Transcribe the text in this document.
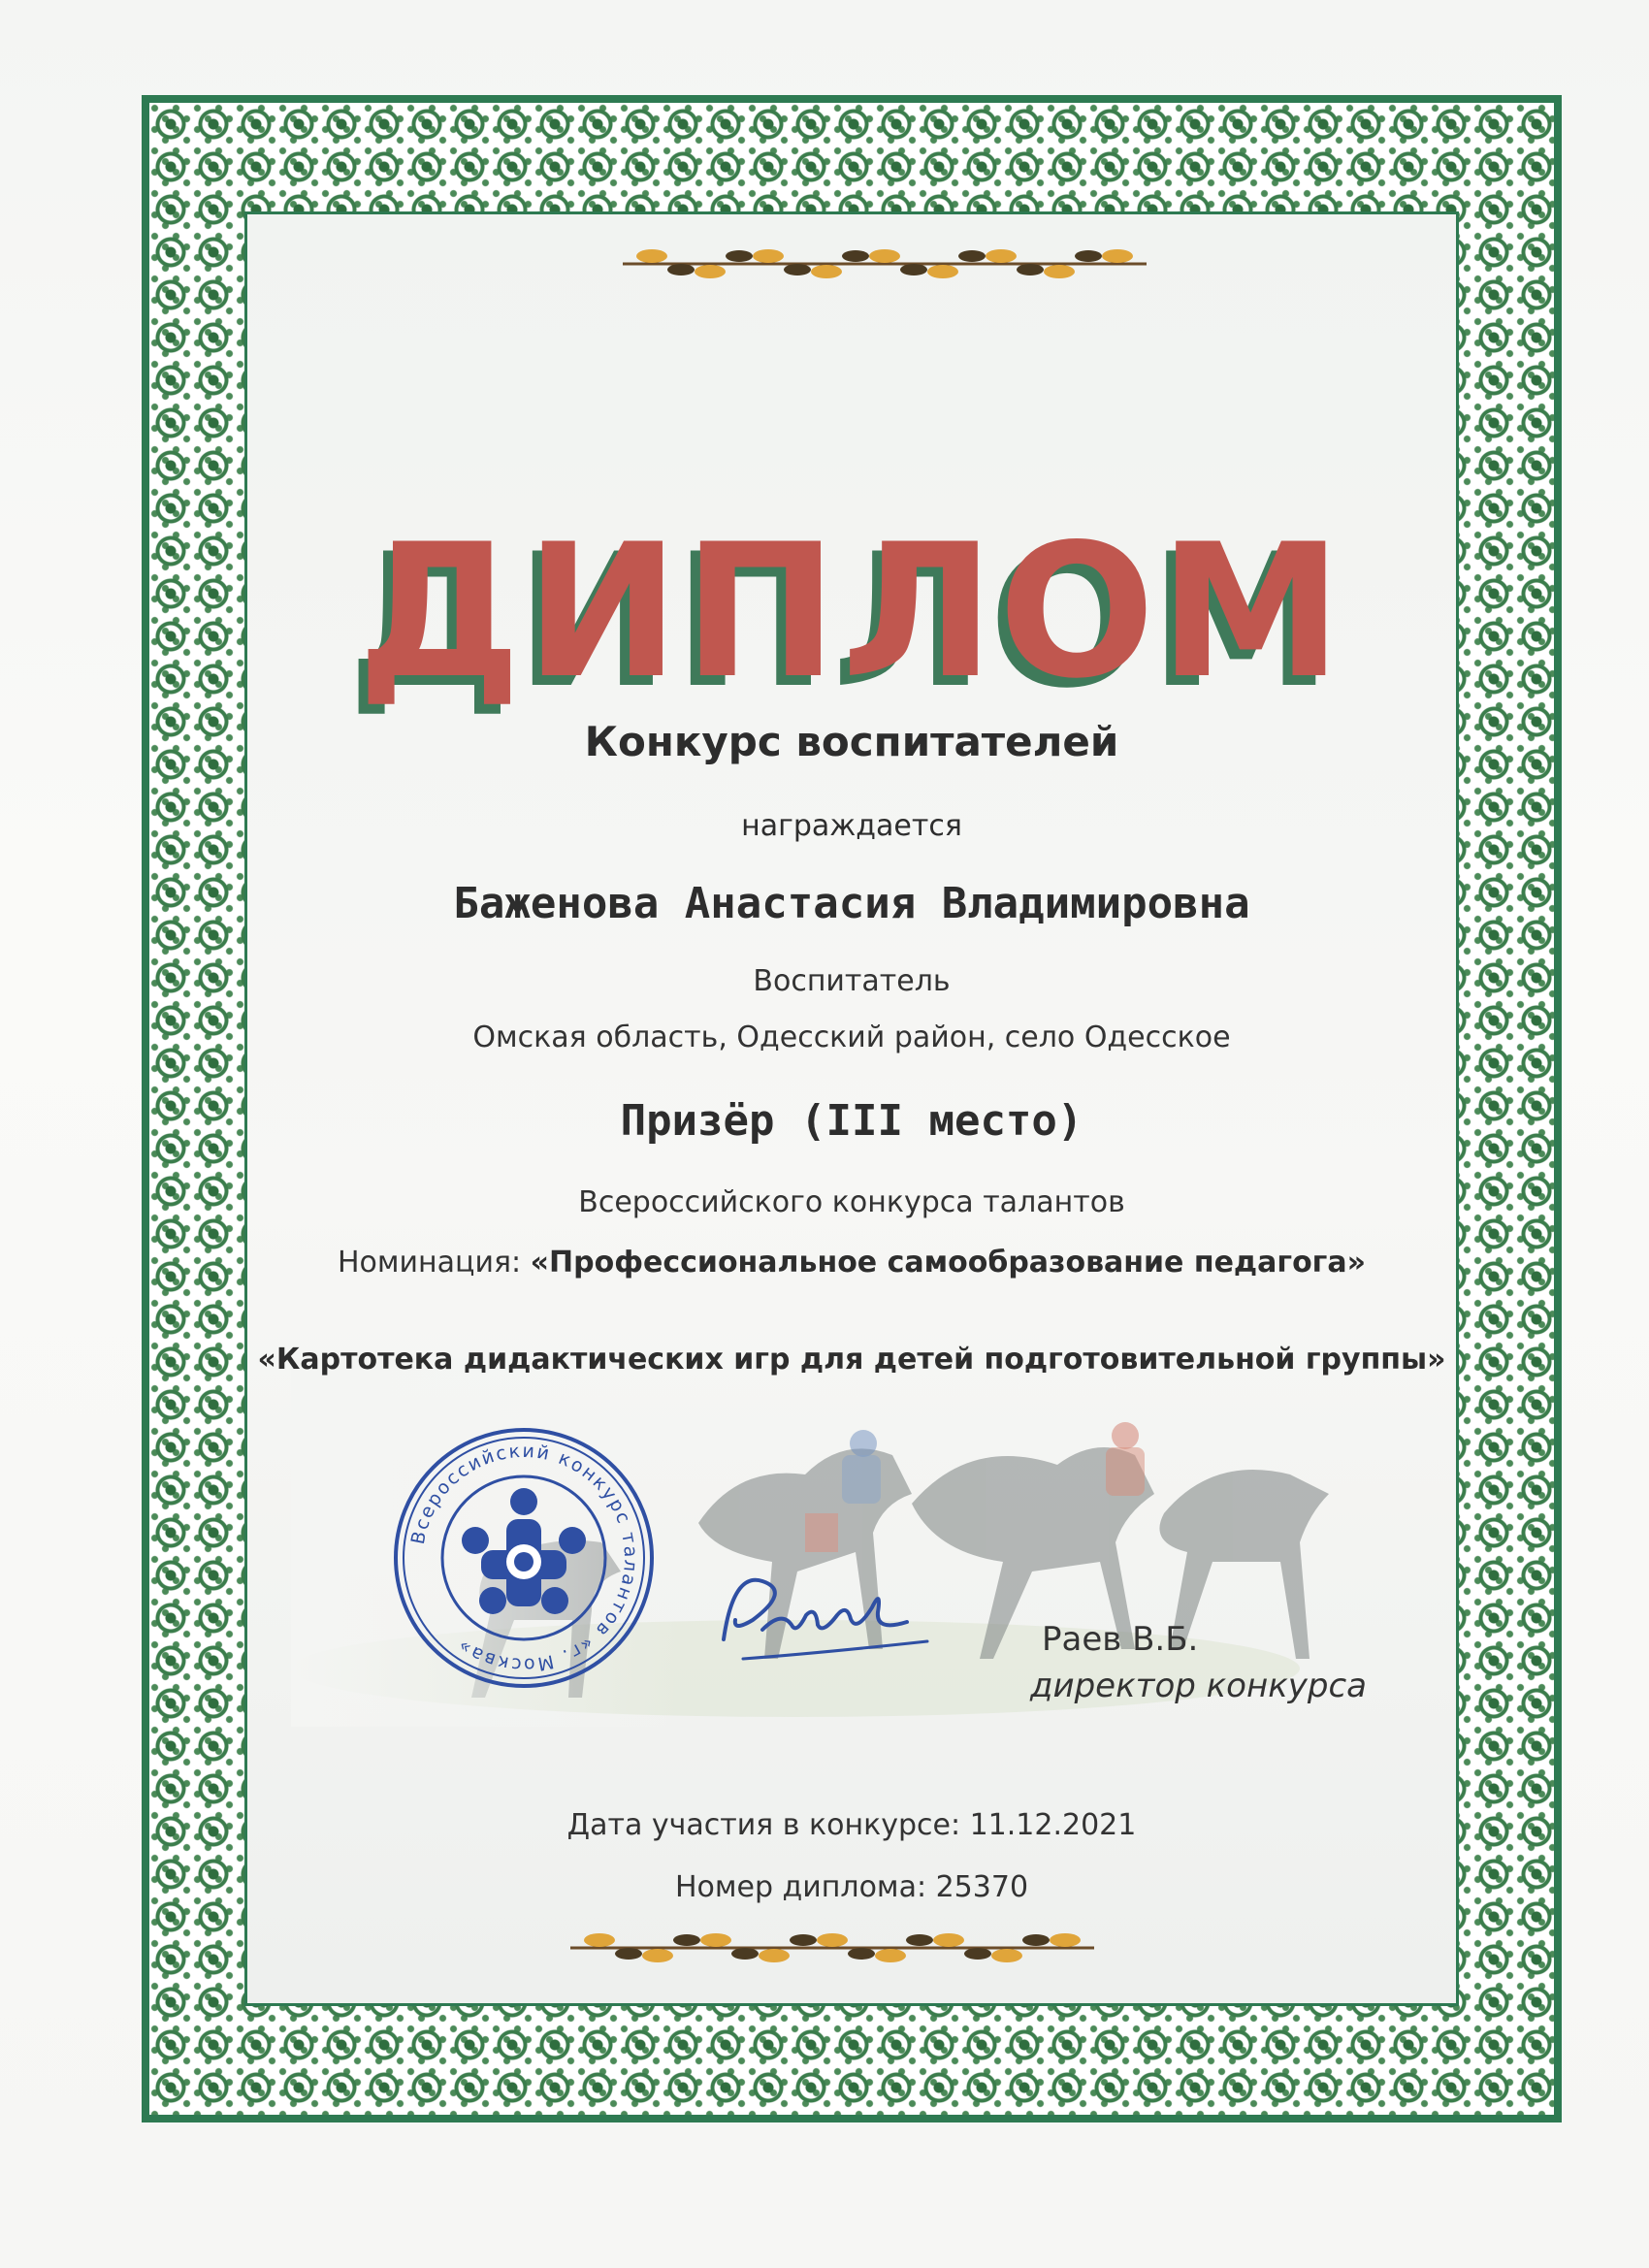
ДИПЛОМ
Конкурс воспитателей
награждается
Баженова Анастасия Владимировна
Воспитатель
Омская область, Одесский район, село Одесское
Призёр (III место)
Всероссийского конкурса талантов
Номинация: «Профессиональное самообразование педагога»
«Картотека дидактических игр для детей подготовительной группы»
Всероссийский конкурс талантов «г. Москва»	Раев В.Б.
директор конкурса
Дата участия в конкурсе: 11.12.2021
Номер диплома: 25370
